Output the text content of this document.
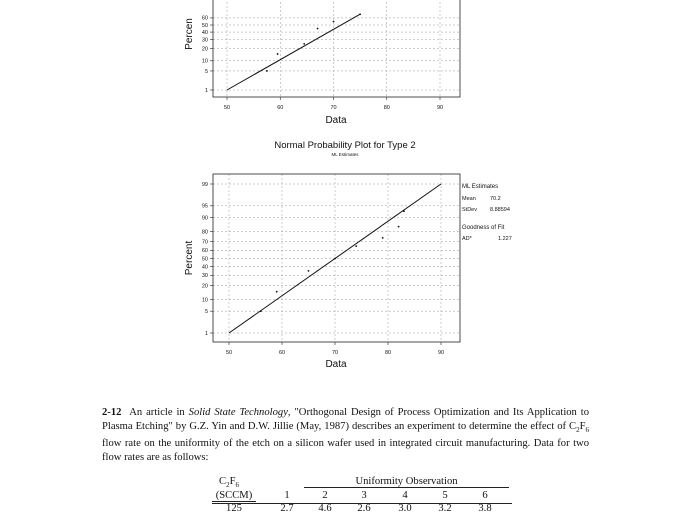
60
50
40
30
20
10
5
1
50	60	70	80	90
Data
Percen
Normal Probability Plot for Type 2
ML Estimates
99
95
90
80
70
60
50
40
30
20
10
5
1
50	60	70	80	90
Data
Percent
ML Estimates
Mean	70.2
StDev 8.88594
Goodness of Fit
AD*	1.227
2-12 An article in Solid State Technology, "Orthogonal Design of Process Optimization and Its Application to Plasma Etching" by G.Z. Yin and D.W. Jillie (May, 1987) describes an experiment to determine the effect of $C_2F_6$ flow rate on the uniformity of the etch on a silicon wafer used in integrated circuit manufacturing. Data for two flow rates are as follows:
$C_2F_6$	Uniformity Observation
(SCCM)	1	2	3	4	5	6
125	2.7	4.6	2.6	3.0	3.2	3.8
